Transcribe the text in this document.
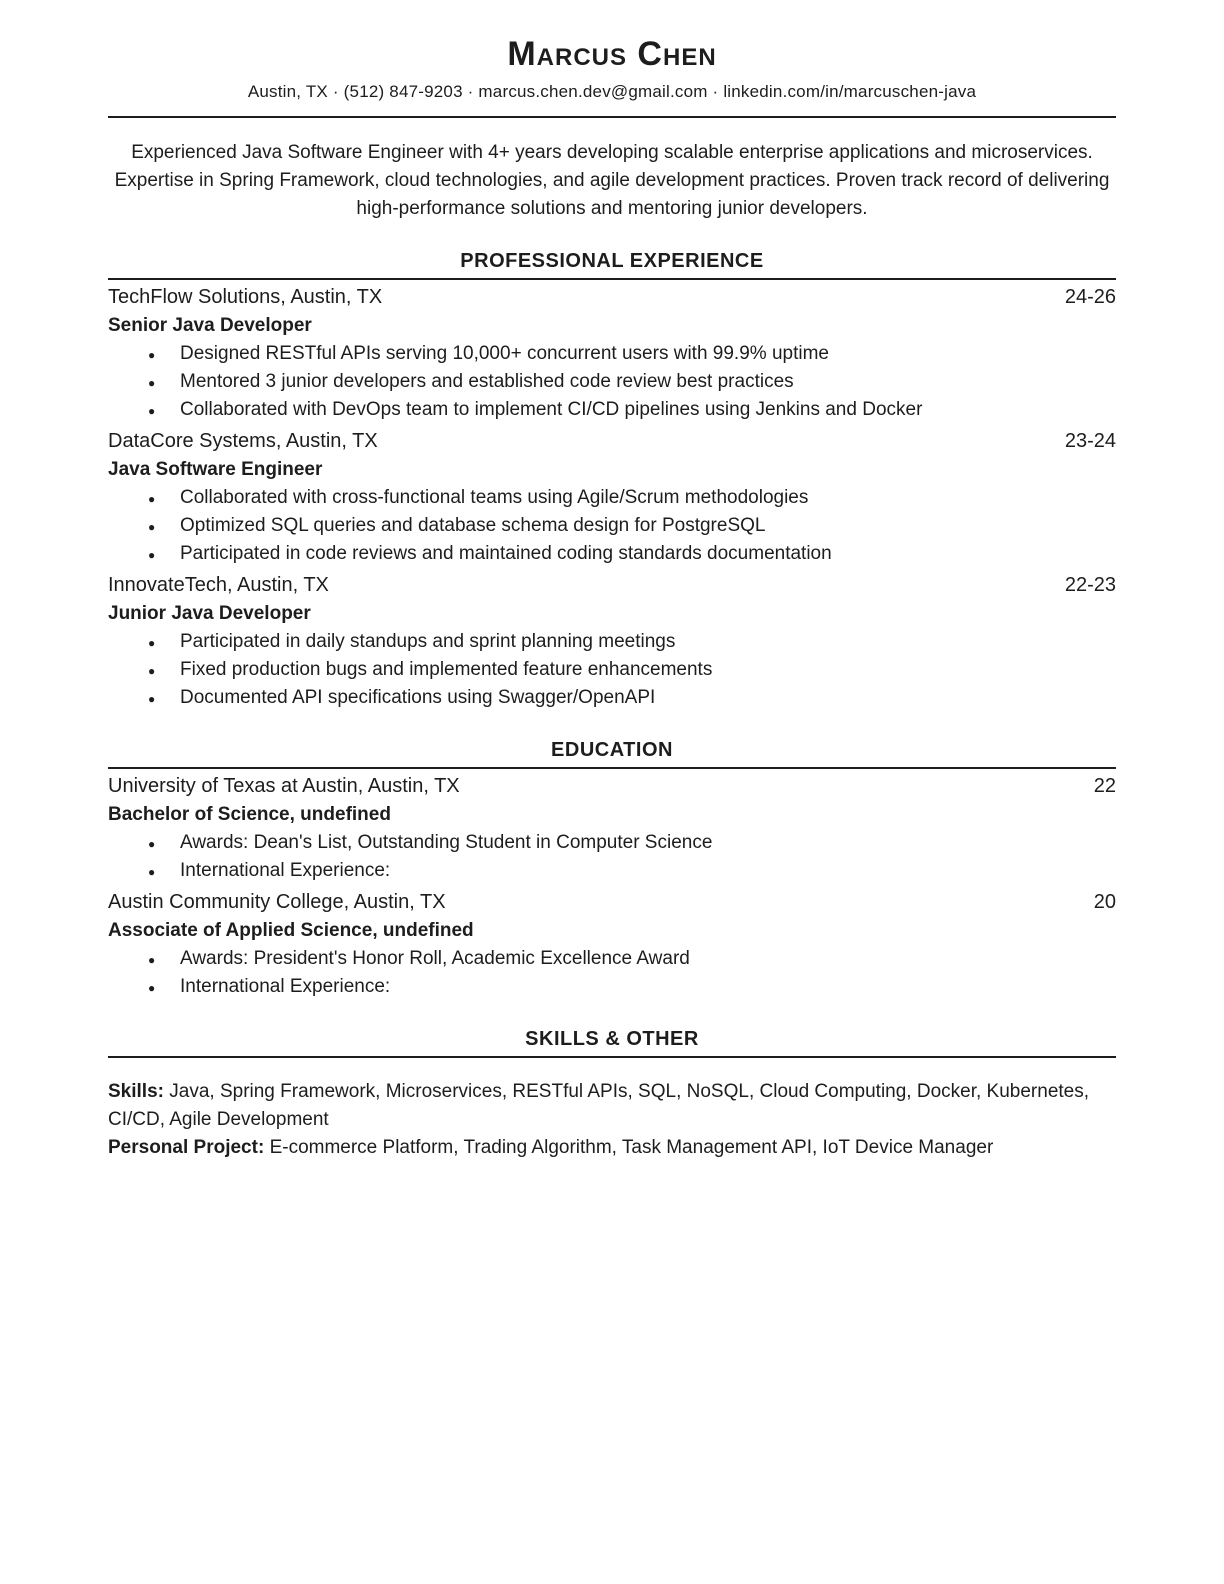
Marcus Chen
Austin, TX · (512) 847-9203 · marcus.chen.dev@gmail.com · linkedin.com/in/marcuschen-java

Experienced Java Software Engineer with 4+ years developing scalable enterprise applications and microservices. Expertise in Spring Framework, cloud technologies, and agile development practices. Proven track record of delivering high-performance solutions and mentoring junior developers.

PROFESSIONAL EXPERIENCE
TechFlow Solutions, Austin, TX	24-26
Senior Java Developer
● Designed RESTful APIs serving 10,000+ concurrent users with 99.9% uptime
● Mentored 3 junior developers and established code review best practices
● Collaborated with DevOps team to implement CI/CD pipelines using Jenkins and Docker
DataCore Systems, Austin, TX	23-24
Java Software Engineer
● Collaborated with cross-functional teams using Agile/Scrum methodologies
● Optimized SQL queries and database schema design for PostgreSQL
● Participated in code reviews and maintained coding standards documentation
InnovateTech, Austin, TX	22-23
Junior Java Developer
● Participated in daily standups and sprint planning meetings
● Fixed production bugs and implemented feature enhancements
● Documented API specifications using Swagger/OpenAPI
EDUCATION
University of Texas at Austin, Austin, TX	22
Bachelor of Science, undefined
● Awards: Dean's List, Outstanding Student in Computer Science
● International Experience:
Austin Community College, Austin, TX	20
Associate of Applied Science, undefined
● Awards: President's Honor Roll, Academic Excellence Award
● International Experience:
SKILLS & OTHER

Skills: Java, Spring Framework, Microservices, RESTful APIs, SQL, NoSQL, Cloud Computing, Docker, Kubernetes, CI/CD, Agile Development

Personal Project: E-commerce Platform, Trading Algorithm, Task Management API, IoT Device Manager
